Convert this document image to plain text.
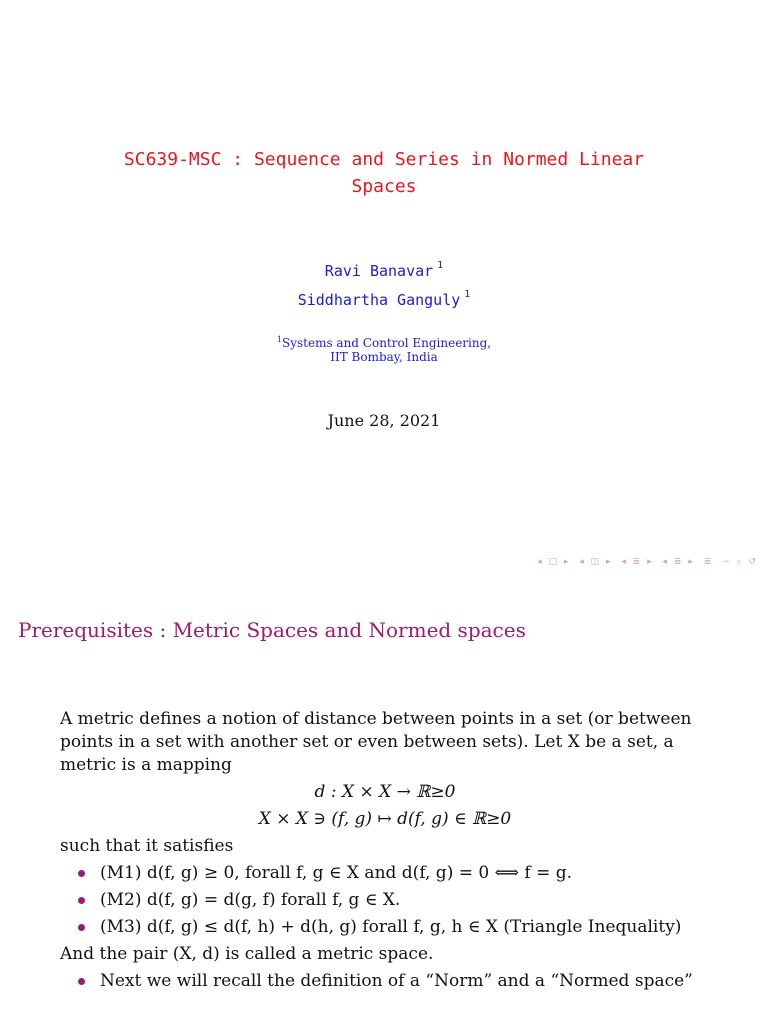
SC639-MSC : Sequence and Series in Normed Linear
Spaces
Ravi Banavar $^1$
Siddhartha Ganguly $^1$
$^1$Systems and Control Engineering,
IIT Bombay, India
June 28, 2021
◂ □ ▸ ◂ ◫ ▸ ◂ ≣ ▸ ◂ ≣ ▸ ≣ ∽ ⌕ ↺
Prerequisites : Metric Spaces and Normed spaces

A metric defines a notion of distance between points in a set (or between points in a set with another set or even between sets). Let X be a set, a metric is a mapping

d : X × X → ℝ≥0
X × X ∋ (f, g) ↦ d(f, g) ∈ ℝ≥0

such that it satisfies

(M1) d(f, g) ≥ 0, forall f, g ∈ X and d(f, g) = 0 ⟺ f = g.
(M2) d(f, g) = d(g, f) forall f, g ∈ X.
(M3) d(f, g) ≤ d(f, h) + d(h, g) forall f, g, h ∈ X (Triangle Inequality)

And the pair (X, d) is called a metric space.

Next we will recall the definition of a “Norm” and a “Normed space”
